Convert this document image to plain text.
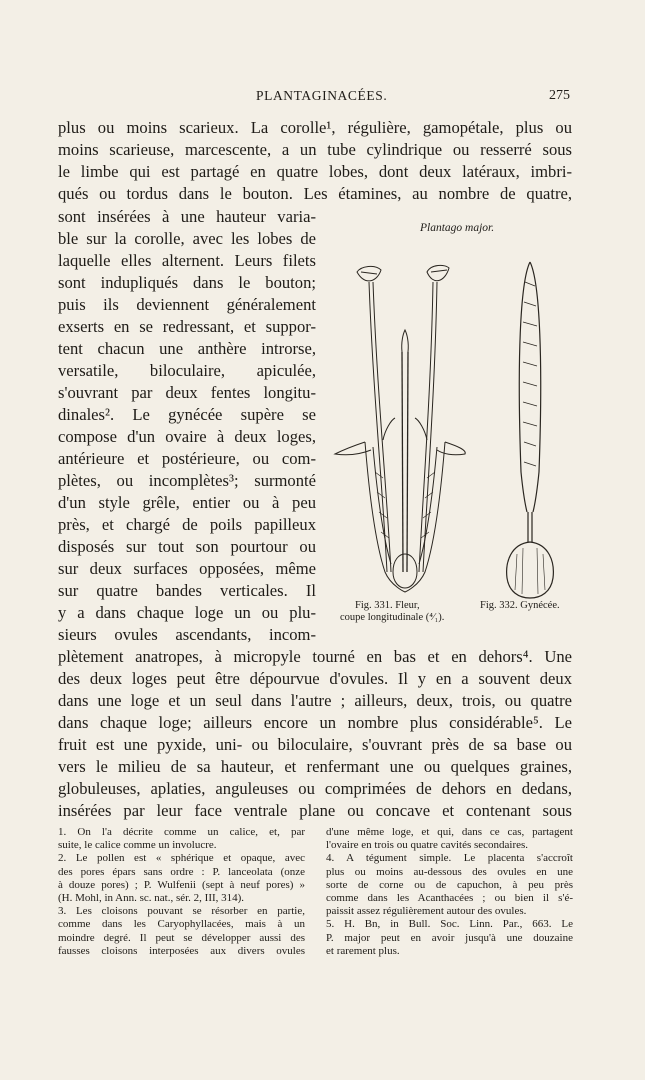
PLANTAGINACÉES.	275
plus ou moins scarieux. La corolle¹, régulière, gamopétale, plus ou
moins scarieuse, marcescente, a un tube cylindrique ou resserré sous
le limbe qui est partagé en quatre lobes, dont deux latéraux, imbri-
qués ou tordus dans le bouton. Les étamines, au nombre de quatre,
sont insérées à une hauteur varia-
ble sur la corolle, avec les lobes de
laquelle elles alternent. Leurs filets
sont indupliqués dans le bouton;
puis ils deviennent généralement
exserts en se redressant, et suppor-
tent chacun une anthère introrse,
versatile, biloculaire, apiculée,
s'ouvrant par deux fentes longitu-
dinales². Le gynécée supère se
compose d'un ovaire à deux loges,
antérieure et postérieure, ou com-
plètes, ou incomplètes³; surmonté
d'un style grêle, entier ou à peu
près, et chargé de poils papilleux
disposés sur tout son pourtour ou
sur deux surfaces opposées, même
sur quatre bandes verticales. Il
y a dans chaque loge un ou plu-
sieurs ovules ascendants, incom-
Plantago major.
Fig. 331. Fleur,
coupe longitudinale (⁴⁄₁).
Fig. 332. Gynécée.
plètement anatropes, à micropyle tourné en bas et en dehors⁴. Une
des deux loges peut être dépourvue d'ovules. Il y en a souvent deux
dans une loge et un seul dans l'autre ; ailleurs, deux, trois, ou quatre
dans chaque loge; ailleurs encore un nombre plus considérable⁵. Le
fruit est une pyxide, uni- ou biloculaire, s'ouvrant près de sa base ou
vers le milieu de sa hauteur, et renfermant une ou quelques graines,
globuleuses, aplaties, anguleuses ou comprimées de dehors en dedans,
insérées par leur face ventrale plane ou concave et contenant sous
1. On l'a décrite comme un calice, et, par
suite, le calice comme un involucre.
2. Le pollen est « sphérique et opaque, avec
des pores épars sans ordre : P. lanceolata (onze
à douze pores) ; P. Wulfenii (sept à neuf pores) »
(H. Mohl, in Ann. sc. nat., sér. 2, III, 314).
3. Les cloisons pouvant se résorber en partie,
comme dans les Caryophyllacées, mais à un
moindre degré. Il peut se développer aussi des
fausses cloisons interposées aux divers ovules
d'une même loge, et qui, dans ce cas, partagent
l'ovaire en trois ou quatre cavités secondaires.
4. A tégument simple. Le placenta s'accroît
plus ou moins au-dessous des ovules en une
sorte de corne ou de capuchon, à peu près
comme dans les Acanthacées ; ou bien il s'é-
paissit assez régulièrement autour des ovules.
5. H. Bn, in Bull. Soc. Linn. Par., 663. Le
P. major peut en avoir jusqu'à une douzaine
et rarement plus.
